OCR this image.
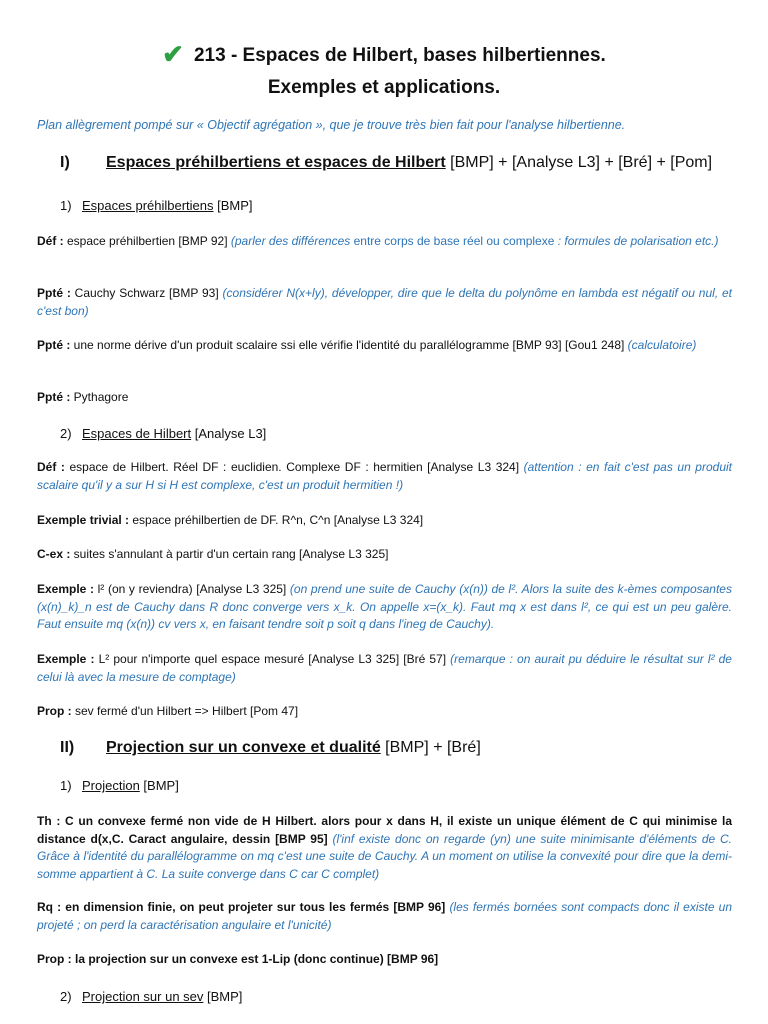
✔ 213 - Espaces de Hilbert, bases hilbertiennes.
Exemples et applications.
Plan allègrement pompé sur « Objectif agrégation », que je trouve très bien fait pour l'analyse hilbertienne.
I) Espaces préhilbertiens et espaces de Hilbert [BMP] + [Analyse L3] + [Bré] + [Pom]
1) Espaces préhilbertiens [BMP]
Déf : espace préhilbertien [BMP 92] (parler des différences entre corps de base réel ou complexe : formules de polarisation etc.)
Ppté : Cauchy Schwarz [BMP 93] (considérer N(x+ly), développer, dire que le delta du polynôme en lambda est négatif ou nul, et c'est bon)
Ppté : une norme dérive d'un produit scalaire ssi elle vérifie l'identité du parallélogramme [BMP 93] [Gou1 248] (calculatoire)
Ppté : Pythagore
2) Espaces de Hilbert [Analyse L3]
Déf : espace de Hilbert. Réel DF : euclidien. Complexe DF : hermitien [Analyse L3 324] (attention : en fait c'est pas un produit scalaire qu'il y a sur H si H est complexe, c'est un produit hermitien !)
Exemple trivial : espace préhilbertien de DF. R^n, C^n [Analyse L3 324]
C-ex : suites s'annulant à partir d'un certain rang [Analyse L3 325]
Exemple : l² (on y reviendra) [Analyse L3 325] (on prend une suite de Cauchy (x(n)) de l². Alors la suite des k-èmes composantes (x(n)_k)_n est de Cauchy dans R donc converge vers x_k. On appelle x=(x_k). Faut mq x est dans l², ce qui est un peu galère. Faut ensuite mq (x(n)) cv vers x, en faisant tendre soit p soit q dans l'ineg de Cauchy).
Exemple : L² pour n'importe quel espace mesuré [Analyse L3 325] [Bré 57] (remarque : on aurait pu déduire le résultat sur l² de celui là avec la mesure de comptage)
Prop : sev fermé d'un Hilbert => Hilbert [Pom 47]
II) Projection sur un convexe et dualité [BMP] + [Bré]
1) Projection [BMP]
Th : C un convexe fermé non vide de H Hilbert. alors pour x dans H, il existe un unique élément de C qui minimise la distance d(x,C. Caract angulaire, dessin [BMP 95] (l'inf existe donc on regarde (yn) une suite minimisante d'éléments de C. Grâce à l'identité du parallélogramme on mq c'est une suite de Cauchy. A un moment on utilise la convexité pour dire que la demi-somme appartient à C. La suite converge dans C car C complet)
Rq : en dimension finie, on peut projeter sur tous les fermés [BMP 96] (les fermés bornées sont compacts donc il existe un projeté ; on perd la caractérisation angulaire et l'unicité)
Prop : la projection sur un convexe est 1-Lip (donc continue) [BMP 96]
2) Projection sur un sev [BMP]
